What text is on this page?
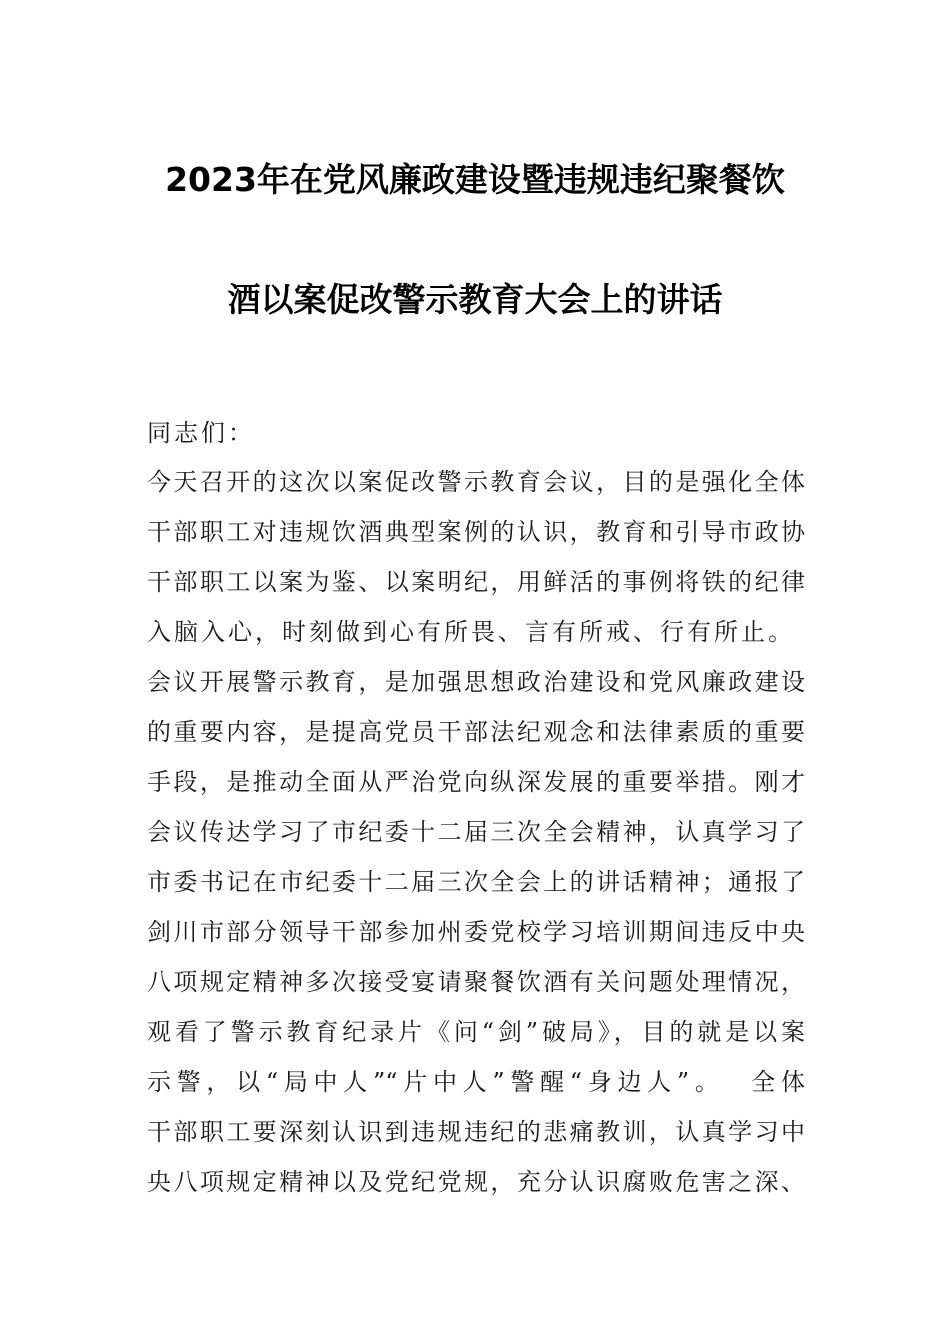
2023年在党风廉政建设暨违规违纪聚餐饮
酒以案促改警示教育大会上的讲话
同志们：
今天召开的这次以案促改警示教育会议，目的是强化全体
干部职工对违规饮酒典型案例的认识，教育和引导市政协
干部职工以案为鉴、以案明纪，用鲜活的事例将铁的纪律
入脑入心，时刻做到心有所畏、言有所戒、行有所止。
会议开展警示教育，是加强思想政治建设和党风廉政建设
的重要内容，是提高党员干部法纪观念和法律素质的重要
手段，是推动全面从严治党向纵深发展的重要举措。刚才
会议传达学习了市纪委十二届三次全会精神，认真学习了
市委书记在市纪委十二届三次全会上的讲话精神；通报了
剑川市部分领导干部参加州委党校学习培训期间违反中央
八项规定精神多次接受宴请聚餐饮酒有关问题处理情况，
观看了警示教育纪录片《问“剑”破局》，目的就是以案
示警，以“局中人”“片中人”警醒“身边人”。  全体
干部职工要深刻认识到违规违纪的悲痛教训，认真学习中
央八项规定精神以及党纪党规，充分认识腐败危害之深、
